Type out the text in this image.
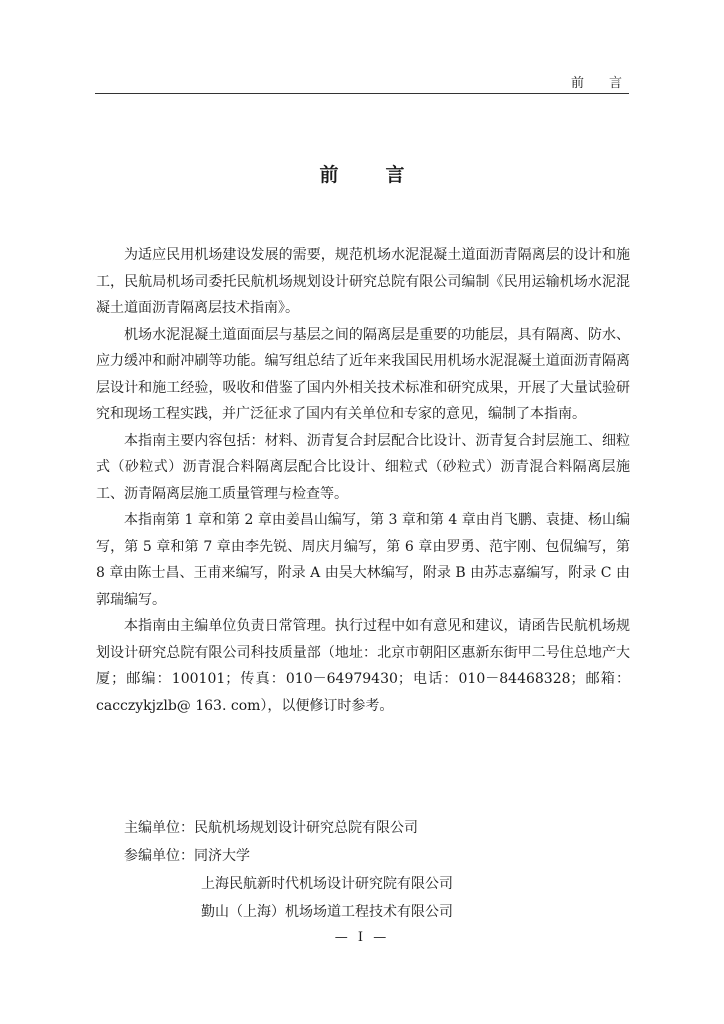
前　言
前　言

为适应民用机场建设发展的需要，规范机场水泥混凝土道面沥青隔离层的设计和施工，民航局机场司委托民航机场规划设计研究总院有限公司编制《民用运输机场水泥混凝土道面沥青隔离层技术指南》。

机场水泥混凝土道面面层与基层之间的隔离层是重要的功能层，具有隔离、防水、应力缓冲和耐冲刷等功能。编写组总结了近年来我国民用机场水泥混凝土道面沥青隔离层设计和施工经验，吸收和借鉴了国内外相关技术标准和研究成果，开展了大量试验研究和现场工程实践，并广泛征求了国内有关单位和专家的意见，编制了本指南。

本指南主要内容包括：材料、沥青复合封层配合比设计、沥青复合封层施工、细粒式（砂粒式）沥青混合料隔离层配合比设计、细粒式（砂粒式）沥青混合料隔离层施工、沥青隔离层施工质量管理与检查等。

本指南第 1 章和第 2 章由姜昌山编写，第 3 章和第 4 章由肖飞鹏、袁捷、杨山编写，第 5 章和第 7 章由李先锐、周庆月编写，第 6 章由罗勇、范宇刚、包侃编写，第 8 章由陈士昌、王甫来编写，附录 A 由吴大林编写，附录 B 由苏志嘉编写，附录 C 由郭瑞编写。

本指南由主编单位负责日常管理。执行过程中如有意见和建议，请函告民航机场规划设计研究总院有限公司科技质量部（地址：北京市朝阳区惠新东街甲二号住总地产大厦；邮编：100101；传真：010－64979430；电话：010－84468328；邮箱：cacczykjzlb@ 163. com），以便修订时参考。

主编单位：民航机场规划设计研究总院有限公司
参编单位：同济大学
上海民航新时代机场设计研究院有限公司
勤山（上海）机场场道工程技术有限公司
— I —
